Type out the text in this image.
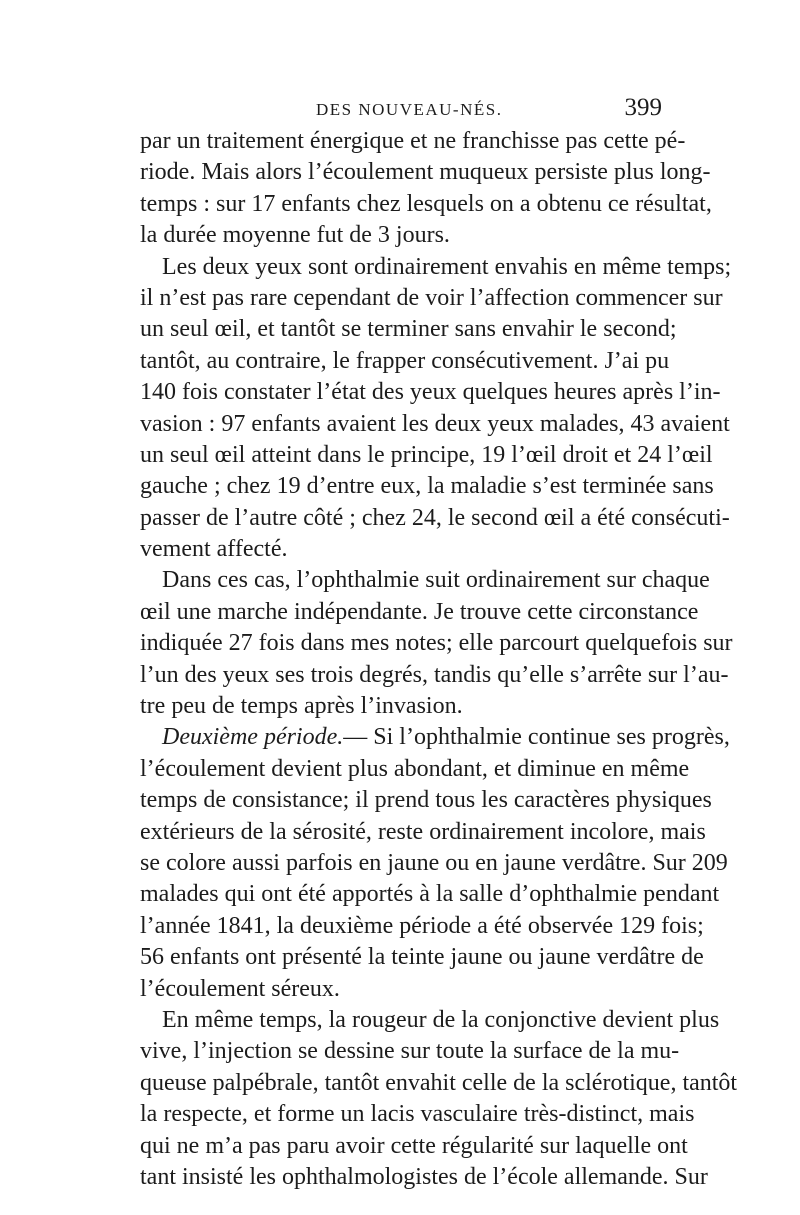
DES NOUVEAU-NÉS.	399
par un traitement énergique et ne franchisse pas cette pé-
riode. Mais alors l’écoulement muqueux persiste plus long-
temps : sur 17 enfants chez lesquels on a obtenu ce résultat,
la durée moyenne fut de 3 jours.
Les deux yeux sont ordinairement envahis en même temps;
il n’est pas rare cependant de voir l’affection commencer sur
un seul œil, et tantôt se terminer sans envahir le second;
tantôt, au contraire, le frapper consécutivement. J’ai pu
140 fois constater l’état des yeux quelques heures après l’in-
vasion : 97 enfants avaient les deux yeux malades, 43 avaient
un seul œil atteint dans le principe, 19 l’œil droit et 24 l’œil
gauche ; chez 19 d’entre eux, la maladie s’est terminée sans
passer de l’autre côté ; chez 24, le second œil a été consécuti-
vement affecté.
Dans ces cas, l’ophthalmie suit ordinairement sur chaque
œil une marche indépendante. Je trouve cette circonstance
indiquée 27 fois dans mes notes; elle parcourt quelquefois sur
l’un des yeux ses trois degrés, tandis qu’elle s’arrête sur l’au-
tre peu de temps après l’invasion.
Deuxième période.— Si l’ophthalmie continue ses progrès,
l’écoulement devient plus abondant, et diminue en même
temps de consistance; il prend tous les caractères physiques
extérieurs de la sérosité, reste ordinairement incolore, mais
se colore aussi parfois en jaune ou en jaune verdâtre. Sur 209
malades qui ont été apportés à la salle d’ophthalmie pendant
l’année 1841, la deuxième période a été observée 129 fois;
56 enfants ont présenté la teinte jaune ou jaune verdâtre de
l’écoulement séreux.
En même temps, la rougeur de la conjonctive devient plus
vive, l’injection se dessine sur toute la surface de la mu-
queuse palpébrale, tantôt envahit celle de la sclérotique, tantôt
la respecte, et forme un lacis vasculaire très-distinct, mais
qui ne m’a pas paru avoir cette régularité sur laquelle ont
tant insisté les ophthalmologistes de l’école allemande. Sur
